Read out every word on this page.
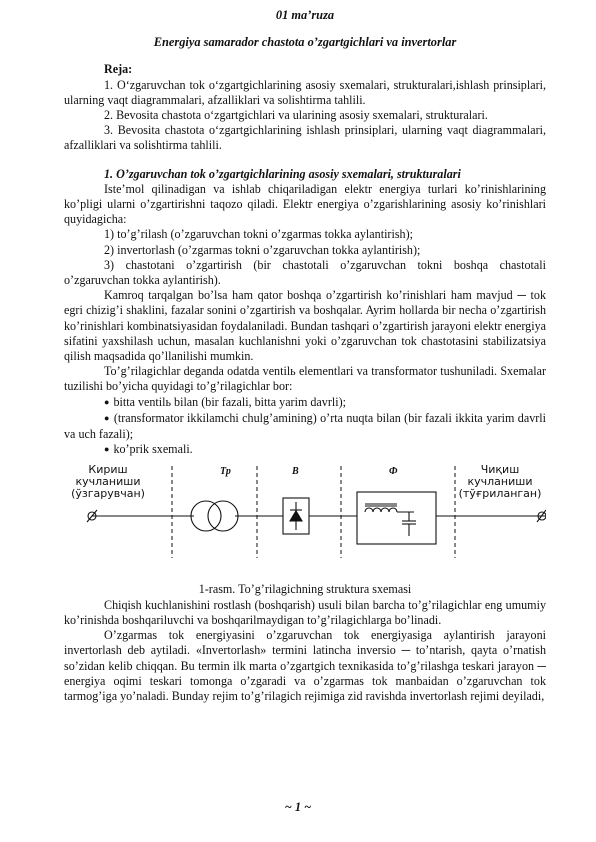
01 ma’ruza
Energiya samarador chastota o’zgartgichlari va invertorlar

Reja:

1. O‘zgaruvchan tok o‘zgartgichlarining asosiy sxemalari, strukturalari,ishlash prinsiplari, ularning vaqt diagrammalari, afzalliklari va solishtirma tahlili.

2. Bevosita chastota o‘zgartgichlari va ularining asosiy sxemalari, strukturalari.

3. Bevosita chastota o‘zgartgichlarining ishlash prinsiplari, ularning vaqt diagrammalari, afzalliklari va solishtirma tahlili.

1. O’zgaruvchan tok o’zgartgichlarining asosiy sxemalari, strukturalari

Iste’mol qilinadigan va ishlab chiqariladigan elektr energiya turlari ko’rinishlarining ko’pligi ularni o’zgartirishni taqozo qiladi. Elektr energiya o’zgarishlarining asosiy ko’rinishlari quyidagicha:

1) to’g’rilash (o’zgaruvchan tokni o’zgarmas tokka aylantirish);

2) invertorlash (o’zgarmas tokni o’zgaruvchan tokka aylantirish);

3) chastotani o’zgartirish (bir chastotali o’zgaruvchan tokni boshqa chastotali o’zgaruvchan tokka aylantirish).

Kamroq tarqalgan bo’lsa ham qator boshqa o’zgartirish ko’rinishlari ham mavjud ─ tok egri chizig’i shaklini, fazalar sonini o’zgartirish va boshqalar. Ayrim hollarda bir necha o’zgartirish ko’rinishlari kombinatsiyasidan foydalaniladi. Bundan tashqari o’zgartirish jarayoni elektr energiya sifatini yaxshilash uchun, masalan kuchlanishni yoki o’zgaruvchan tok chastotasini stabilizatsiya qilish maqsadida qo’llanilishi mumkin.

To’g’rilagichlar deganda odatda ventilь elementlari va transformator tushuniladi. Sxemalar tuzilishi bo’yicha quyidagi to’g’rilagichlar bor:

● bitta ventilь bilan (bir fazali, bitta yarim davrli);

● (transformator ikkilamchi chulg’amining) o’rta nuqta bilan (bir fazali ikkita yarim davrli va uch fazali);

● ko’prik sxemali.

Кириш
кучланиши
(ўзгарувчан)
Чиқиш
кучланиши
(тўғриланган)
Тр	В	Ф

1-rasm. To’g’rilagichning struktura sxemasi

Chiqish kuchlanishini rostlash (boshqarish) usuli bilan barcha to’g’rilagichlar eng umumiy ko’rinishda boshqariluvchi va boshqarilmaydigan to’g’rilagichlarga bo’linadi.

O’zgarmas tok energiyasini o’zgaruvchan tok energiyasiga aylantirish jarayoni invertorlash deb aytiladi. «Invertorlash» termini latincha inversio ─ to’ntarish, qayta o’rnatish so’zidan kelib chiqqan. Bu termin ilk marta o’zgartgich texnikasida to’g’rilashga teskari jarayon ─ energiya oqimi teskari tomonga o’zgaradi va o’zgarmas tok manbaidan o’zgaruvchan tok tarmog’iga yo’naladi. Bunday rejim to’g’rilagich rejimiga zid ravishda invertorlash rejimi deyiladi,

~ 1 ~
